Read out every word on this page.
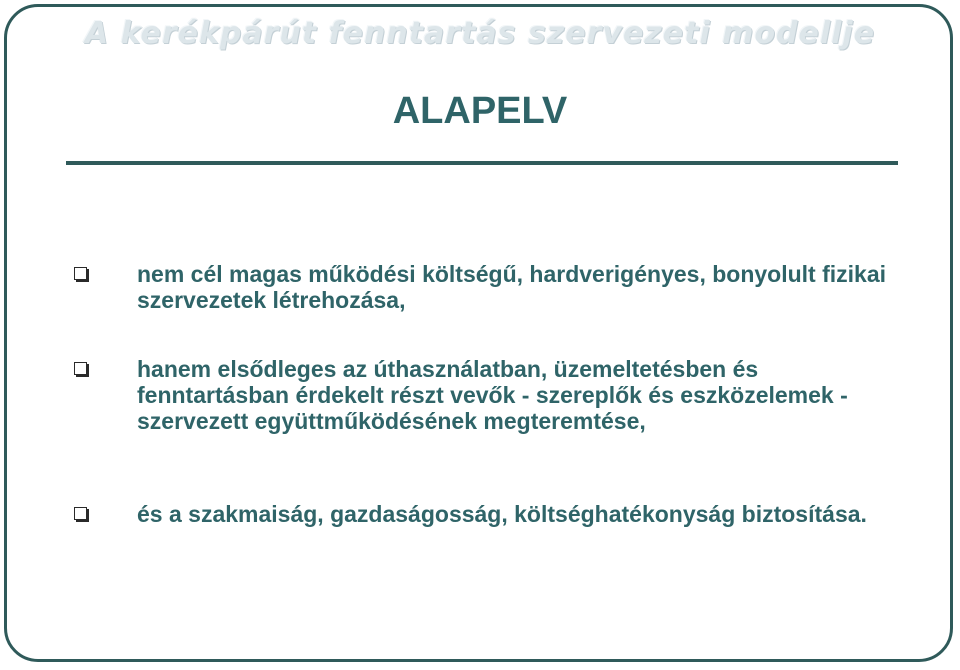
A kerékpárút fenntartás szervezeti modellje
ALAPELV
nem cél magas működési költségű, hardverigényes, bonyolult fizikai szervezetek létrehozása,
hanem elsődleges az úthasználatban, üzemeltetésben és fenntartásban érdekelt részt vevők - szereplők és eszközelemek - szervezett együttműködésének megteremtése,
és a szakmaiság, gazdaságosság, költséghatékonyság biztosítása.
